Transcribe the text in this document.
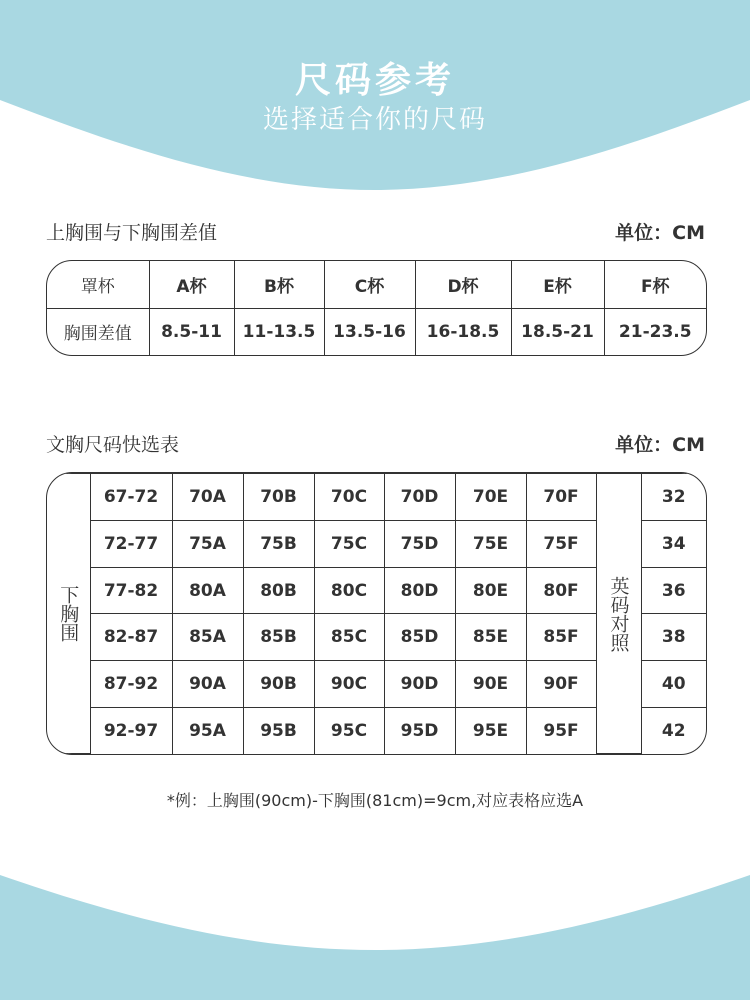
尺码参考
选择适合你的尺码
上胸围与下胸围差值	单位：CM
罩杯	A杯	B杯	C杯	D杯	E杯	F杯
胸围差值	8.5-11	11-13.5	13.5-16	16-18.5	18.5-21	21-23.5
文胸尺码快选表	单位：CM
下胸围	67-72	70A	70B	70C	70D	70E	70F	英码对照	32
	72-77	75A	75B	75C	75D	75E	75F		34
	77-82	80A	80B	80C	80D	80E	80F		36
	82-87	85A	85B	85C	85D	85E	85F		38
	87-92	90A	90B	90C	90D	90E	90F		40
	92-97	95A	95B	95C	95D	95E	95F		42
*例：上胸围(90cm)-下胸围(81cm)=9cm,对应表格应选A
